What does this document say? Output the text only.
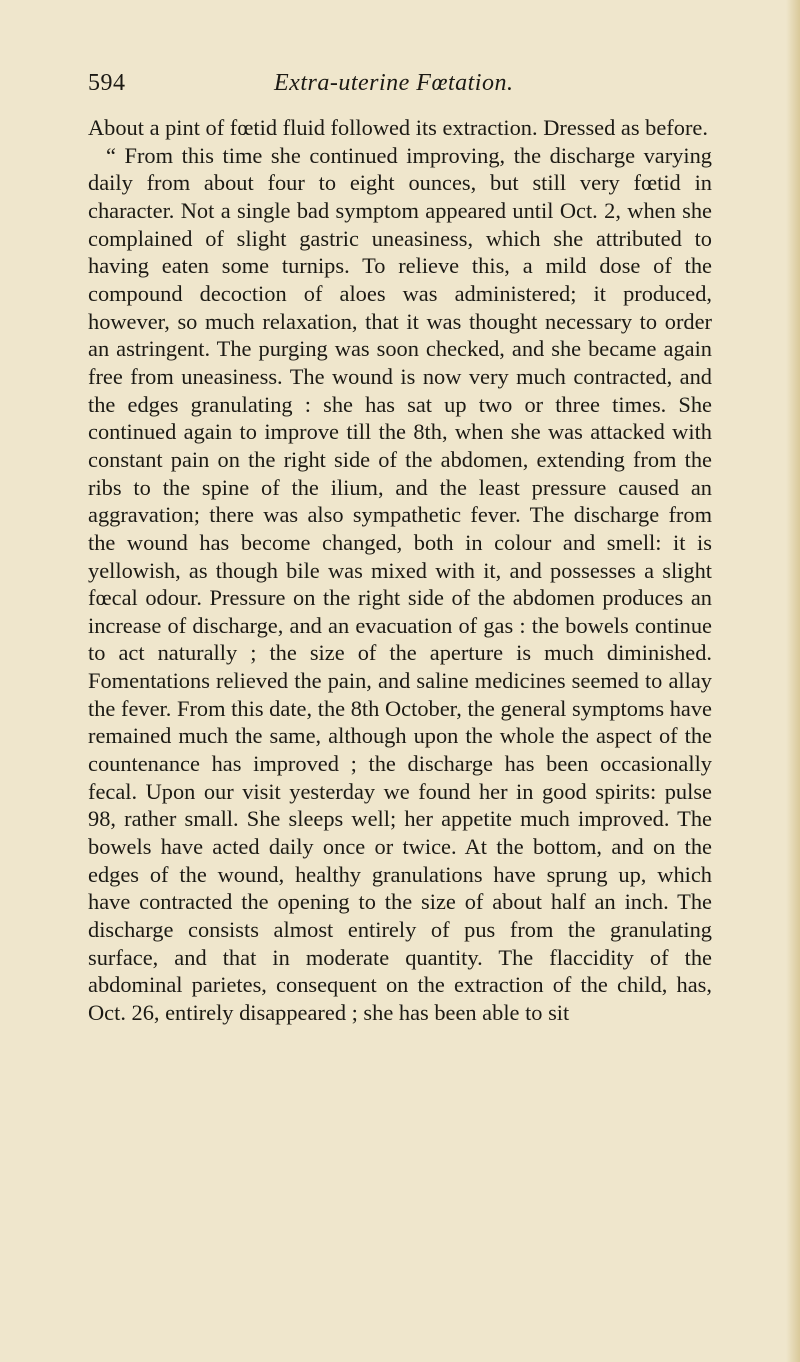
594	Extra-uterine Fœtation.

About a pint of fœtid fluid followed its extraction. Dressed as before.

“ From this time she continued improving, the discharge varying daily from about four to eight ounces, but still very fœtid in character. Not a single bad symptom appeared until Oct. 2, when she complained of slight gastric uneasiness, which she attributed to having eaten some turnips. To relieve this, a mild dose of the compound decoction of aloes was administered; it produced, however, so much relaxation, that it was thought necessary to order an astringent. The purging was soon checked, and she became again free from uneasiness. The wound is now very much contracted, and the edges granulating : she has sat up two or three times. She continued again to improve till the 8th, when she was attacked with constant pain on the right side of the abdomen, extending from the ribs to the spine of the ilium, and the least pressure caused an aggravation; there was also sympathetic fever. The discharge from the wound has become changed, both in colour and smell: it is yellowish, as though bile was mixed with it, and possesses a slight fœcal odour. Pressure on the right side of the abdomen produces an increase of discharge, and an evacuation of gas : the bowels continue to act naturally ; the size of the aperture is much diminished. Fomentations relieved the pain, and saline medicines seemed to allay the fever. From this date, the 8th October, the general symptoms have remained much the same, although upon the whole the aspect of the countenance has improved ; the discharge has been occasionally fecal. Upon our visit yesterday we found her in good spirits: pulse 98, rather small. She sleeps well; her appetite much improved. The bowels have acted daily once or twice. At the bottom, and on the edges of the wound, healthy granulations have sprung up, which have contracted the opening to the size of about half an inch. The discharge consists almost entirely of pus from the granulating surface, and that in moderate quantity. The flaccidity of the abdominal parietes, consequent on the extraction of the child, has, Oct. 26, entirely disappeared ; she has been able to sit
